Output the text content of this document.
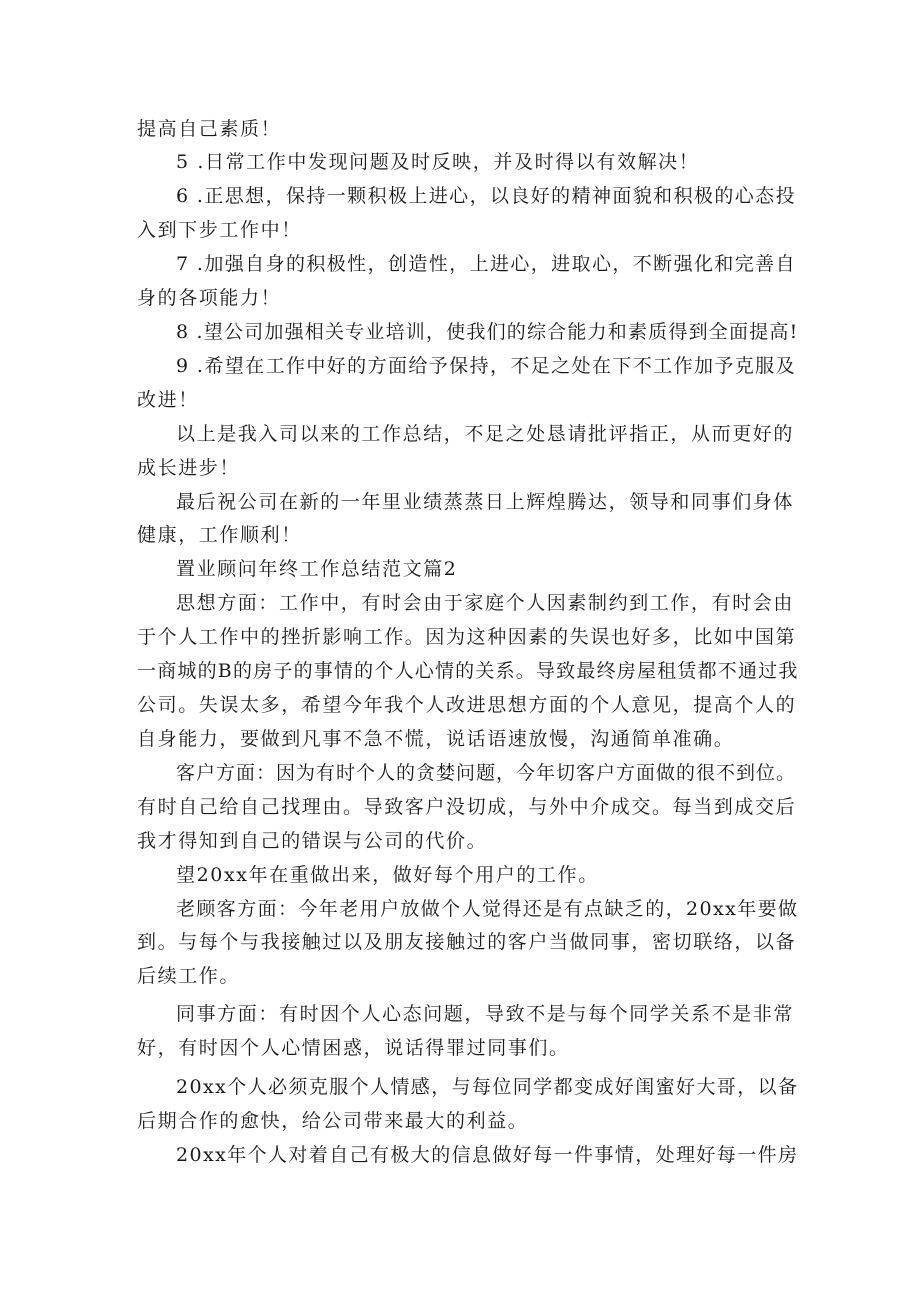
提高自己素质！
5 .日常工作中发现问题及时反映，并及时得以有效解决！
6 .正思想，保持一颗积极上进心，以良好的精神面貌和积极的心态投
入到下步工作中！
7 .加强自身的积极性，创造性，上进心，进取心，不断强化和完善自
身的各项能力！
8 .望公司加强相关专业培训，使我们的综合能力和素质得到全面提高!
9 .希望在工作中好的方面给予保持，不足之处在下不工作加予克服及
改进！
以上是我入司以来的工作总结，不足之处恳请批评指正，从而更好的
成长进步！
最后祝公司在新的一年里业绩蒸蒸日上辉煌腾达，领导和同事们身体
健康，工作顺利！
置业顾问年终工作总结范文篇2
思想方面：工作中，有时会由于家庭个人因素制约到工作，有时会由
于个人工作中的挫折影响工作。因为这种因素的失误也好多，比如中国第
一商城的B的房子的事情的个人心情的关系。导致最终房屋租赁都不通过我
公司。失误太多，希望今年我个人改进思想方面的个人意见，提高个人的
自身能力，要做到凡事不急不慌，说话语速放慢，沟通简单准确。
客户方面：因为有时个人的贪婪问题，今年切客户方面做的很不到位。
有时自己给自己找理由。导致客户没切成，与外中介成交。每当到成交后
我才得知到自己的错误与公司的代价。
望20xx年在重做出来，做好每个用户的工作。
老顾客方面：今年老用户放做个人觉得还是有点缺乏的，20xx年要做
到。与每个与我接触过以及朋友接触过的客户当做同事，密切联络，以备
后续工作。
同事方面：有时因个人心态问题，导致不是与每个同学关系不是非常
好，有时因个人心情困惑，说话得罪过同事们。
20xx个人必须克服个人情感，与每位同学都变成好闺蜜好大哥，以备
后期合作的愈快，给公司带来最大的利益。
20xx年个人对着自己有极大的信息做好每一件事情，处理好每一件房
